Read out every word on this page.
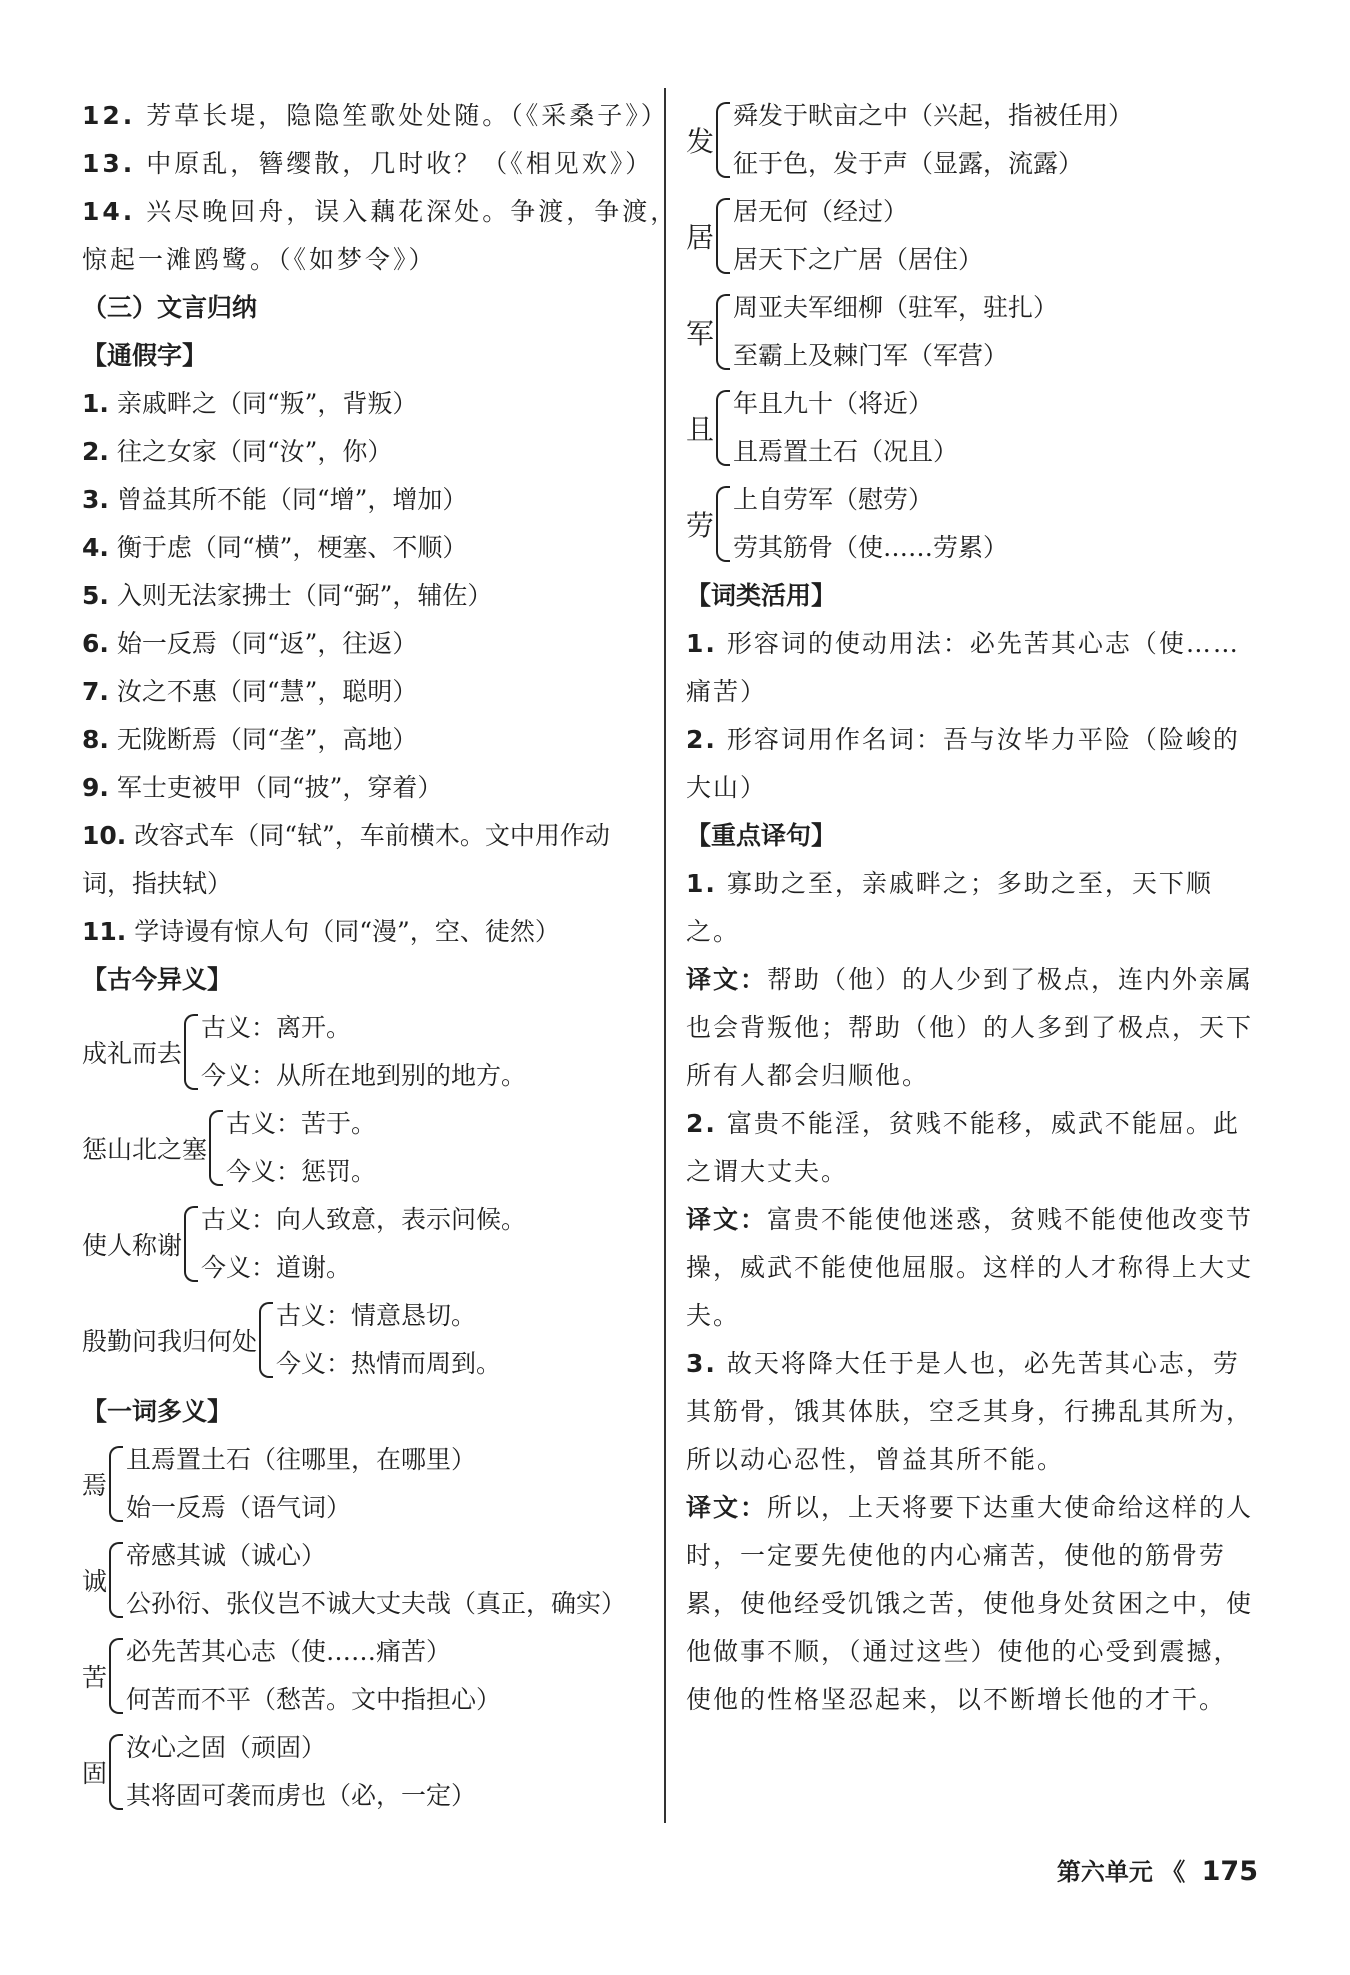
12. 芳草长堤，隐隐笙歌处处随。（《采桑子》）

13. 中原乱，簪缨散，几时收？（《相见欢》）

14. 兴尽晚回舟，误入藕花深处。争渡，争渡，

惊起一滩鸥鹭。（《如梦令》）

（三）文言归纳

【通假字】

1. 亲戚畔之（同“叛”，背叛）

2. 往之女家（同“汝”，你）

3. 曾益其所不能（同“增”，增加）

4. 衡于虑（同“横”，梗塞、不顺）

5. 入则无法家拂士（同“弼”，辅佐）

6. 始一反焉（同“返”，往返）

7. 汝之不惠（同“慧”，聪明）

8. 无陇断焉（同“垄”，高地）

9. 军士吏被甲（同“披”，穿着）

10. 改容式车（同“轼”，车前横木。文中用作动

词，指扶轼）

11. 学诗谩有惊人句（同“漫”，空、徒然）

【古今异义】

成礼而去

古义：离开。

今义：从所在地到别的地方。

惩山北之塞

古义：苦于。

今义：惩罚。

使人称谢

古义：向人致意，表示问候。

今义：道谢。

殷勤问我归何处

古义：情意恳切。

今义：热情而周到。

【一词多义】

焉

且焉置土石（往哪里，在哪里）

始一反焉（语气词）

诚

帝感其诚（诚心）

公孙衍、张仪岂不诚大丈夫哉（真正，确实）

苦

必先苦其心志（使……痛苦）

何苦而不平（愁苦。文中指担心）

固

汝心之固（顽固）

其将固可袭而虏也（必，一定）

发

舜发于畎亩之中（兴起，指被任用）

征于色，发于声（显露，流露）

居

居无何（经过）

居天下之广居（居住）

军

周亚夫军细柳（驻军，驻扎）

至霸上及棘门军（军营）

且

年且九十（将近）

且焉置土石（况且）

劳

上自劳军（慰劳）

劳其筋骨（使……劳累）

【词类活用】

1. 形容词的使动用法：必先苦其心志（使……痛苦）

2. 形容词用作名词：吾与汝毕力平险（险峻的大山）

【重点译句】

1. 寡助之至，亲戚畔之；多助之至，天下顺之。

译文：帮助（他）的人少到了极点，连内外亲属也会背叛他；帮助（他）的人多到了极点，天下所有人都会归顺他。

2. 富贵不能淫，贫贱不能移，威武不能屈。此之谓大丈夫。

译文：富贵不能使他迷惑，贫贱不能使他改变节操，威武不能使他屈服。这样的人才称得上大丈夫。

3. 故天将降大任于是人也，必先苦其心志，劳其筋骨，饿其体肤，空乏其身，行拂乱其所为，所以动心忍性，曾益其所不能。

译文：所以，上天将要下达重大使命给这样的人时，一定要先使他的内心痛苦，使他的筋骨劳累，使他经受饥饿之苦，使他身处贫困之中，使他做事不顺，（通过这些）使他的心受到震撼，使他的性格坚忍起来，以不断增长他的才干。

第六单元 《 175
